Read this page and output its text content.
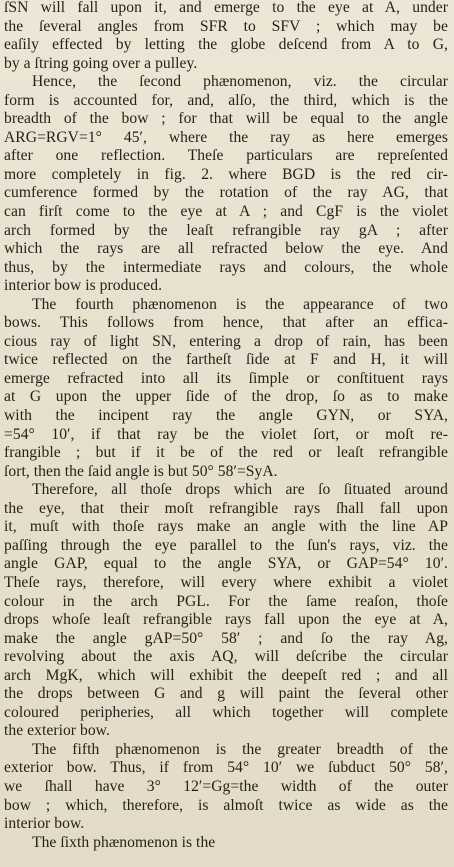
ſSN will fall upon it, and emerge to the eye at A, under
the ſeveral angles from SFR to SFV ; which may be
eaſily effected by letting the globe deſcend from A to G,
by a ſtring going over a pulley.
Hence, the ſecond phænomenon, viz. the circular
form is accounted for, and, alſo, the third, which is the
breadth of the bow ; for that will be equal to the angle
ARG=RGV=1° 45′, where the ray as here emerges
after one reflection. Theſe particulars are repreſented
more completely in fig. 2. where BGD is the red cir-
cumference formed by the rotation of the ray AG, that
can firſt come to the eye at A ; and CgF is the violet
arch formed by the leaſt refrangible ray gA ; after
which the rays are all refracted below the eye. And
thus, by the intermediate rays and colours, the whole
interior bow is produced.
The fourth phænomenon is the appearance of two
bows. This follows from hence, that after an effica-
cious ray of light SN, entering a drop of rain, has been
twice reflected on the fartheſt ſide at F and H, it will
emerge refracted into all its ſimple or conſtituent rays
at G upon the upper ſide of the drop, ſo as to make
with the incipent ray the angle GYN, or SYA,
=54° 10′, if that ray be the violet ſort, or moſt re-
frangible ; but if it be of the red or leaſt refrangible
ſort, then the ſaid angle is but 50° 58′=SyA.
Therefore, all thoſe drops which are ſo ſituated around
the eye, that their moſt refrangible rays ſhall fall upon
it, muſt with thoſe rays make an angle with the line AP
paſſing through the eye parallel to the ſun's rays, viz. the
angle GAP, equal to the angle SYA, or GAP=54° 10′.
Theſe rays, therefore, will every where exhibit a violet
colour in the arch PGL. For the ſame reaſon, thoſe
drops whoſe leaſt refrangible rays fall upon the eye at A,
make the angle gAP=50° 58′ ; and ſo the ray Ag,
revolving about the axis AQ, will deſcribe the circular
arch MgK, which will exhibit the deepeſt red ; and all
the drops between G and g will paint the ſeveral other
coloured peripheries, all which together will complete
the exterior bow.
The fifth phænomenon is the greater breadth of the
exterior bow. Thus, if from 54° 10′ we ſubduct 50° 58′,
we ſhall have 3° 12′=Gg=the width of the outer
bow ; which, therefore, is almoſt twice as wide as the
interior bow.
The ſixth phænomenon is the
